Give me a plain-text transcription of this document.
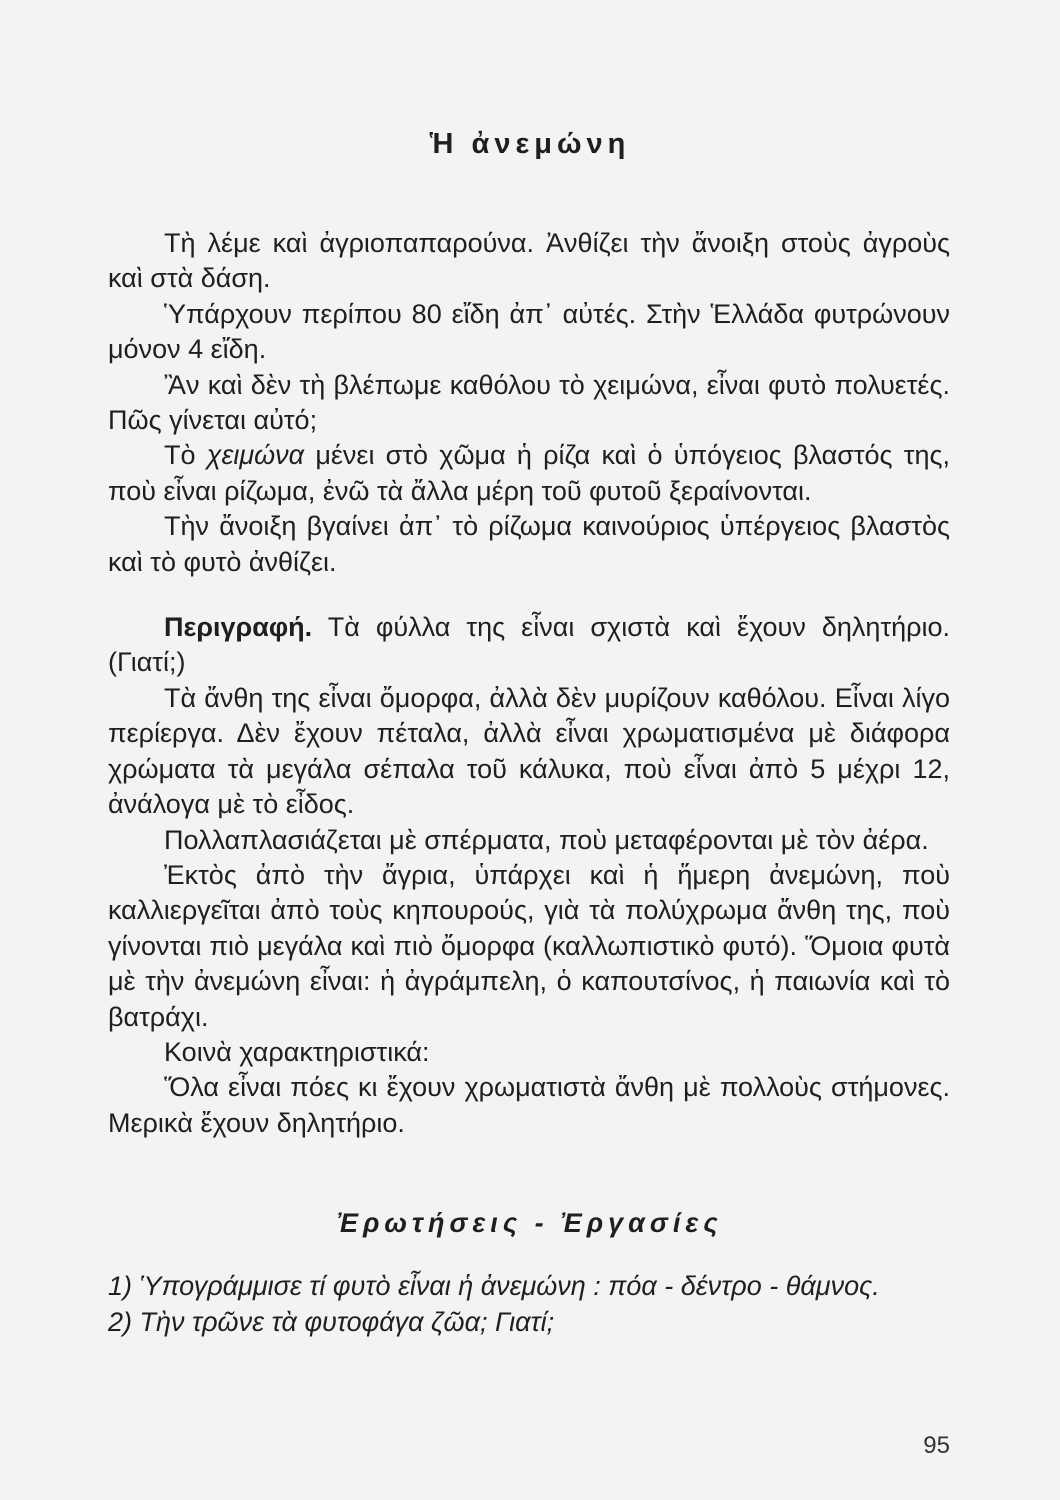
Ἡ ἀνεμώνη

Τὴ λέμε καὶ ἀγριοπαπαρούνα. Ἀνθίζει τὴν ἄνοιξη στοὺς ἀγροὺς καὶ στὰ δάση.

Ὑπάρχουν περίπου 80 εἴδη ἀπ᾽ αὐτές. Στὴν Ἑλλάδα φυτρώνουν μόνον 4 εἴδη.

Ἂν καὶ δὲν τὴ βλέπωμε καθόλου τὸ χειμώνα, εἶναι φυτὸ πολυετές. Πῶς γίνεται αὐτό;

Τὸ χειμώνα μένει στὸ χῶμα ἡ ρίζα καὶ ὁ ὑπόγειος βλαστός της, ποὺ εἶναι ρίζωμα, ἐνῶ τὰ ἄλλα μέρη τοῦ φυτοῦ ξεραίνονται.

Τὴν ἄνοιξη βγαίνει ἀπ᾽ τὸ ρίζωμα καινούριος ὑπέργειος βλαστὸς καὶ τὸ φυτὸ ἀνθίζει.

Περιγραφή. Τὰ φύλλα της εἶναι σχιστὰ καὶ ἔχουν δηλητήριο. (Γιατί;)

Τὰ ἄνθη της εἶναι ὄμορφα, ἀλλὰ δὲν μυρίζουν καθόλου. Εἶναι λίγο περίεργα. Δὲν ἔχουν πέταλα, ἀλλὰ εἶναι χρωματισμένα μὲ διάφορα χρώματα τὰ μεγάλα σέπαλα τοῦ κάλυκα, ποὺ εἶναι ἀπὸ 5 μέχρι 12, ἀνάλογα μὲ τὸ εἶδος.

Πολλαπλασιάζεται μὲ σπέρματα, ποὺ μεταφέρονται μὲ τὸν ἀέρα.

Ἐκτὸς ἀπὸ τὴν ἄγρια, ὑπάρχει καὶ ἡ ἥμερη ἀνεμώνη, ποὺ καλλιεργεῖται ἀπὸ τοὺς κηπουρούς, γιὰ τὰ πολύχρωμα ἄνθη της, ποὺ γίνονται πιὸ μεγάλα καὶ πιὸ ὄμορφα (καλλωπιστικὸ φυτό). Ὅμοια φυτὰ μὲ τὴν ἀνεμώνη εἶναι: ἡ ἀγράμπελη, ὁ καπουτσίνος, ἡ παιωνία καὶ τὸ βατράχι.

Κοινὰ χαρακτηριστικά:

Ὅλα εἶναι πόες κι ἔχουν χρωματιστὰ ἄνθη μὲ πολλοὺς στήμονες. Μερικὰ ἔχουν δηλητήριο.

Ἐρωτήσεις - Ἐργασίες

1) Ὑπογράμμισε τί φυτὸ εἶναι ἡ ἀνεμώνη : πόα - δέντρο - θάμνος.

2) Τὴν τρῶνε τὰ φυτοφάγα ζῶα; Γιατί;

95
